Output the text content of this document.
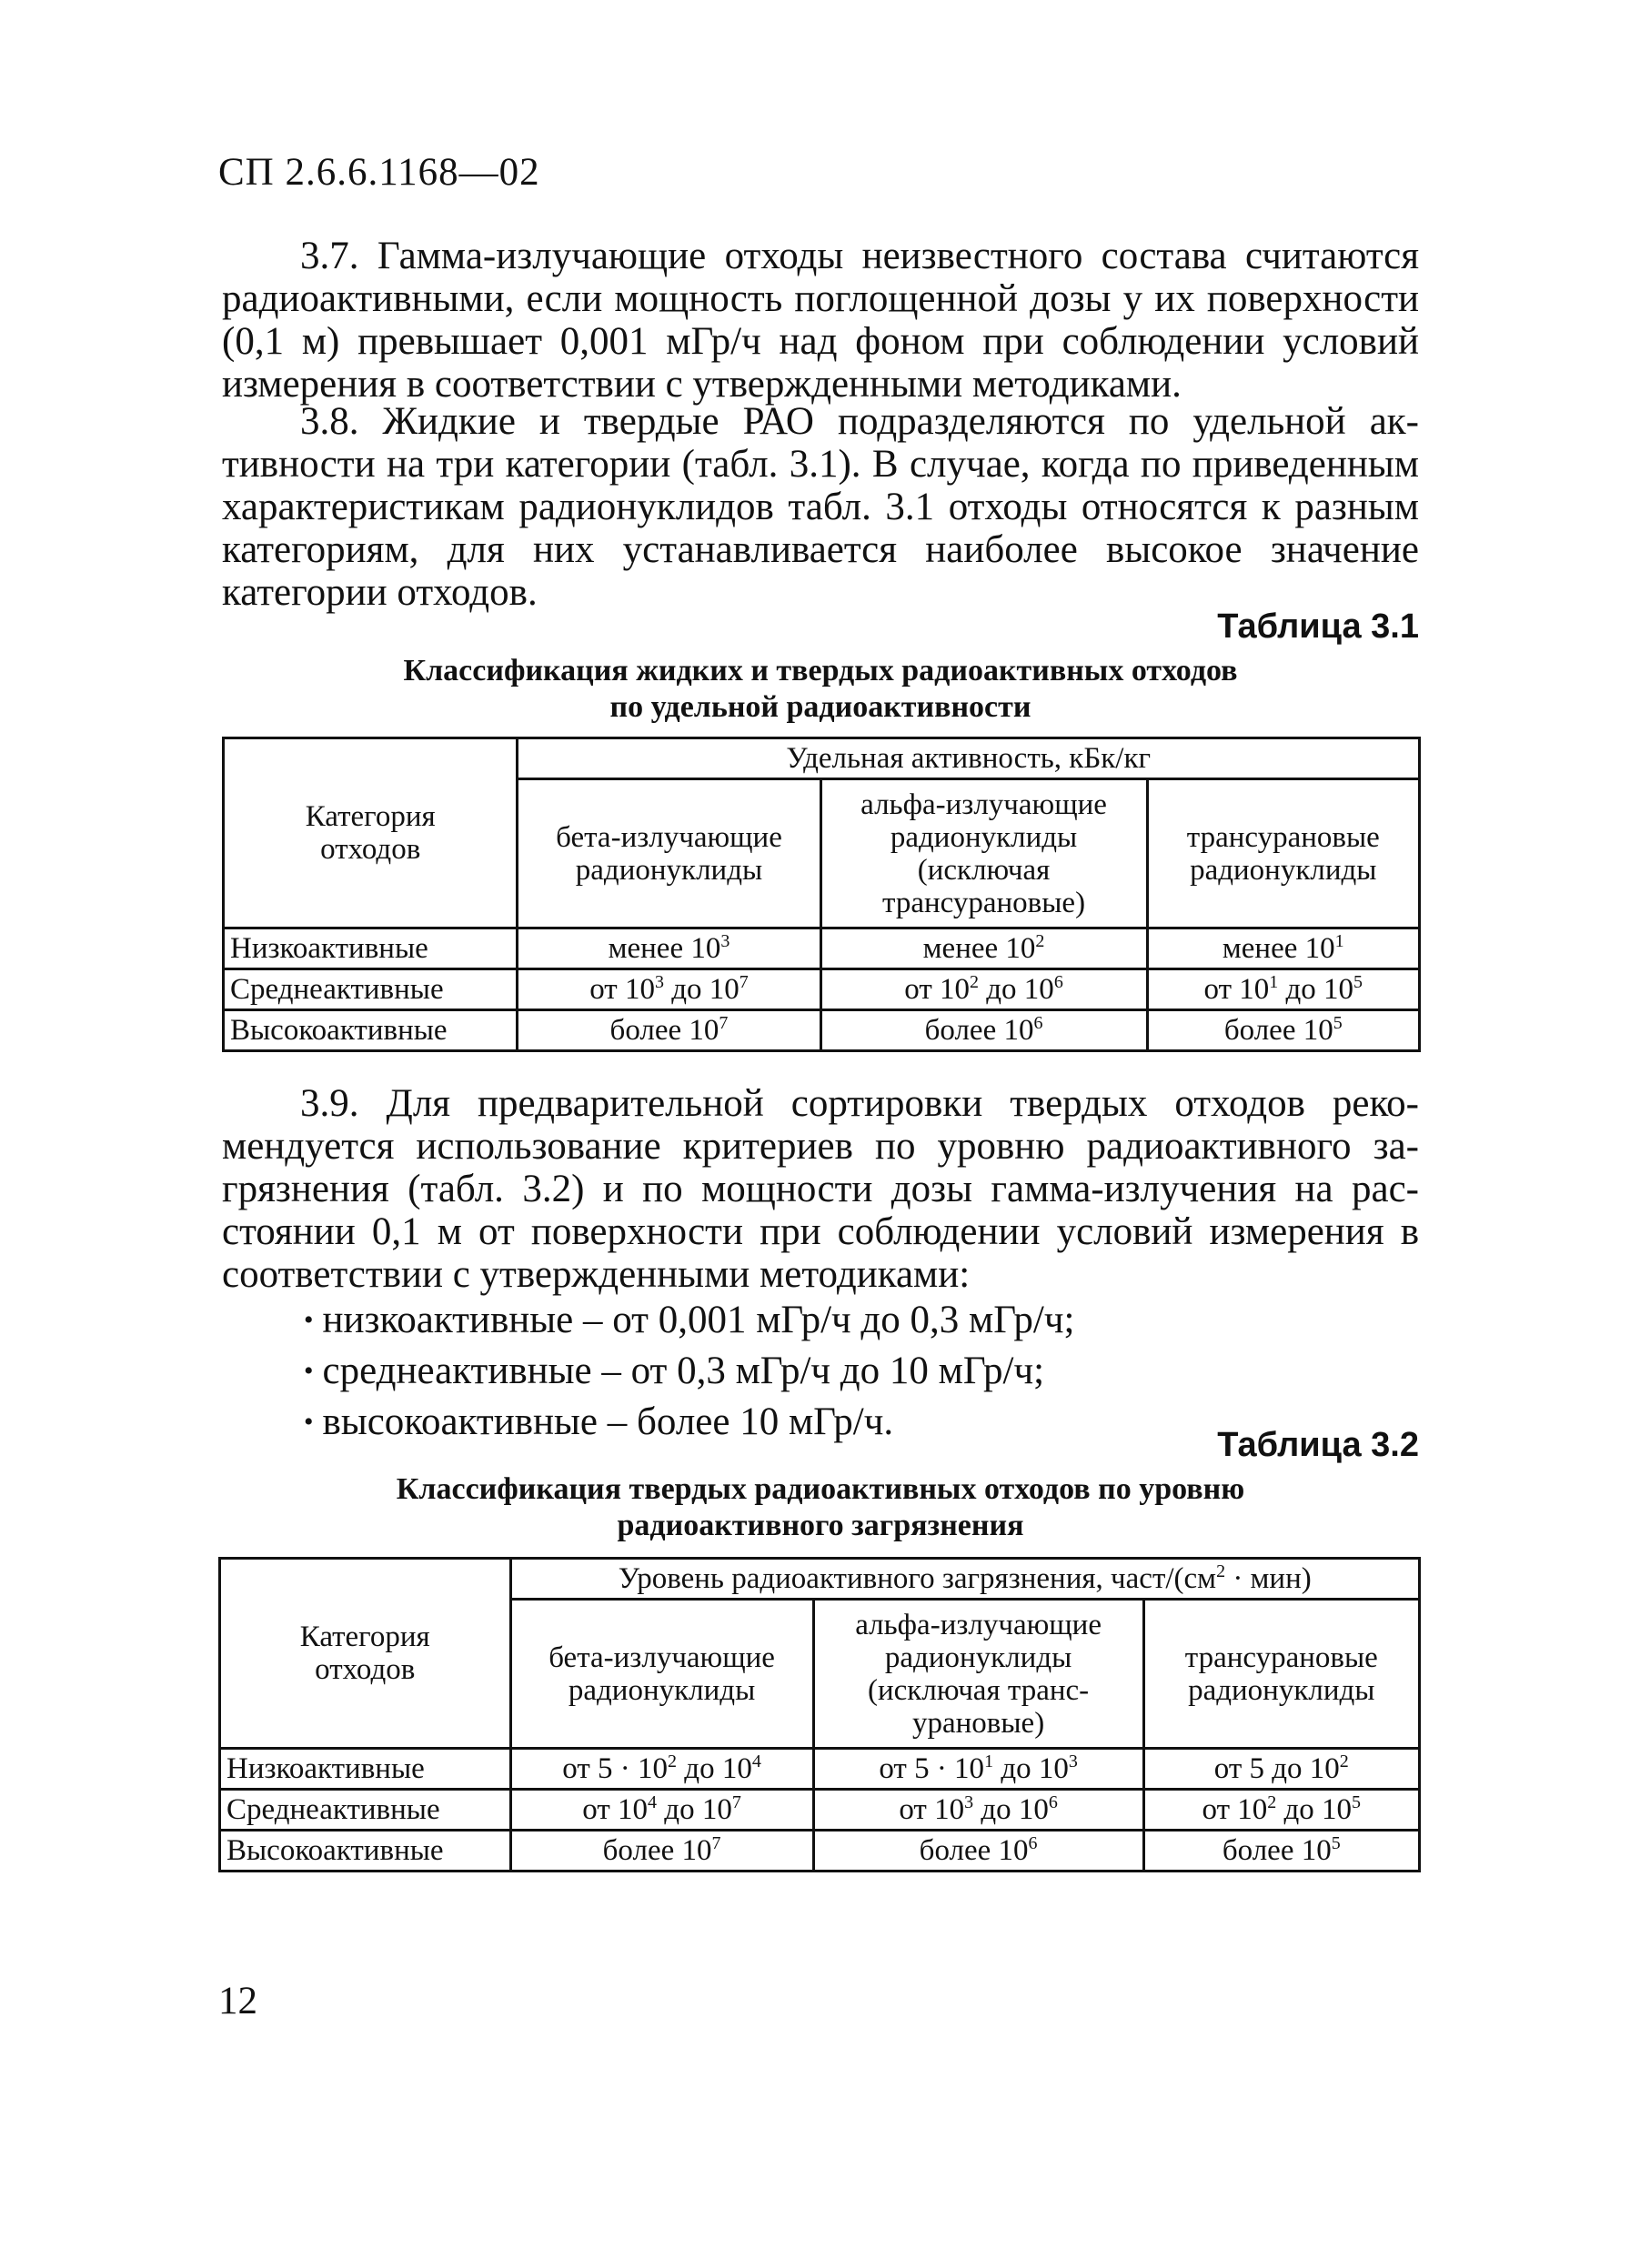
СП 2.6.6.1168—02

3.7. Гамма-излучающие отходы неизвестного состава считаются радиоактивными, если мощность поглощенной дозы у их поверхности (0,1 м) превышает 0,001 мГр/ч над фоном при соблюдении условий измерения в соответствии с утвержденными методиками.

3.8. Жидкие и твердые РАО подразделяются по удельной активности на три категории (табл. 3.1). В случае, когда по приведенным характеристикам радионуклидов табл. 3.1 отходы относятся к разным категориям, для них устанавливается наиболее высокое значение категории отходов.

Таблица 3.1
Классификация жидких и твердых радиоактивных отходов
по удельной радиоактивности
Категория отходов	Удельная активность, кБк/кг		
	бета-излучающие радионуклиды	альфа-излучающие радионуклиды (исключая трансурановые)	трансурановые радионуклиды
Низкоактивные	менее $10^3$	менее $10^2$	менее $10^1$
Среднеактивные	от $10^3$ до $10^7$	от $10^2$ до $10^6$	от $10^1$ до $10^5$
Высокоактивные	более $10^7$	более $10^6$	более $10^5$

3.9. Для предварительной сортировки твердых отходов рекомендуется использование критериев по уровню радиоактивного загрязнения (табл. 3.2) и по мощности дозы гамма-излучения на расстоянии 0,1 м от поверхности при соблюдении условий измерения в соответствии с утвержденными методиками:

• низкоактивные – от 0,001 мГр/ч до 0,3 мГр/ч;
• среднеактивные – от 0,3 мГр/ч до 10 мГр/ч;
• высокоактивные – более 10 мГр/ч.
Таблица 3.2
Классификация твердых радиоактивных отходов по уровню
радиоактивного загрязнения
Категория отходов	Уровень радиоактивного загрязнения, част/$(см^2 \cdot мин)$		
	бета-излучающие радионуклиды	альфа-излучающие радионуклиды (исключая трансурановые)	трансурановые радионуклиды
Низкоактивные	от $5 \cdot 10^2$ до $10^4$	от $5 \cdot 10^1$ до $10^3$	от 5 до $10^2$
Среднеактивные	от $10^4$ до $10^7$	от $10^3$ до $10^6$	от $10^2$ до $10^5$
Высокоактивные	более $10^7$	более $10^6$	более $10^5$
12
